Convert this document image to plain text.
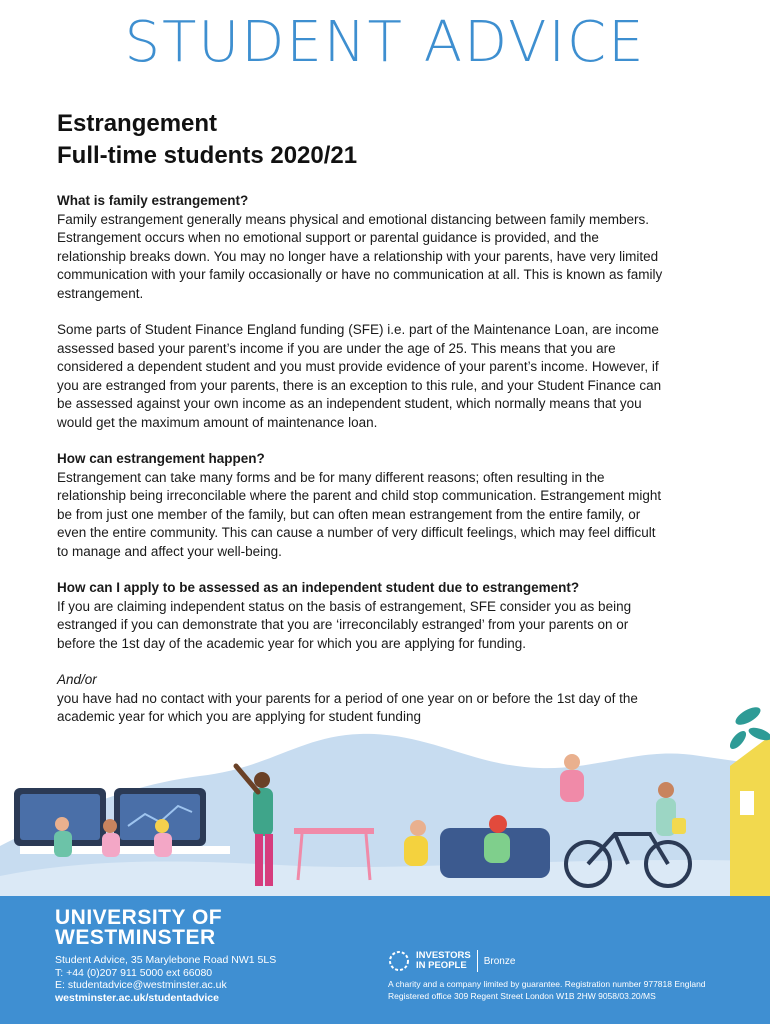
STUDENT ADVICE
Estrangement
Full-time students 2020/21
What is family estrangement?
Family estrangement generally means physical and emotional distancing between family members.
Estrangement occurs when no emotional support or parental guidance is provided, and the
relationship breaks down. You may no longer have a relationship with your parents, have very limited
communication with your family occasionally or have no communication at all. This is known as family
estrangement.
Some parts of Student Finance England funding (SFE) i.e. part of the Maintenance Loan, are income
assessed based your parent’s income if you are under the age of 25. This means that you are
considered a dependent student and you must provide evidence of your parent’s income. However, if
you are estranged from your parents, there is an exception to this rule, and your Student Finance can
be assessed against your own income as an independent student, which normally means that you
would get the maximum amount of maintenance loan.
How can estrangement happen?
Estrangement can take many forms and be for many different reasons; often resulting in the
relationship being irreconcilable where the parent and child stop communication. Estrangement might
be from just one member of the family, but can often mean estrangement from the entire family, or
even the entire community. This can cause a number of very difficult feelings, which may feel difficult
to manage and affect your well-being.
How can I apply to be assessed as an independent student due to estrangement?
If you are claiming independent status on the basis of estrangement, SFE consider you as being
estranged if you can demonstrate that you are ‘irreconcilably estranged’ from your parents on or
before the 1st day of the academic year for which you are applying for funding.
And/or
you have had no contact with your parents for a period of one year on or before the 1st day of the
academic year for which you are applying for student funding
UNIVERSITY OF
WESTMINSTER
Student Advice, 35 Marylebone Road NW1 5LS
T: +44 (0)207 911 5000 ext 66080
E: studentadvice@westminster.ac.uk
westminster.ac.uk/studentadvice
INVESTORS
IN PEOPLE	Bronze
A charity and a company limited by guarantee. Registration number 977818 England
Registered office 309 Regent Street London W1B 2HW 9058/03.20/MS
